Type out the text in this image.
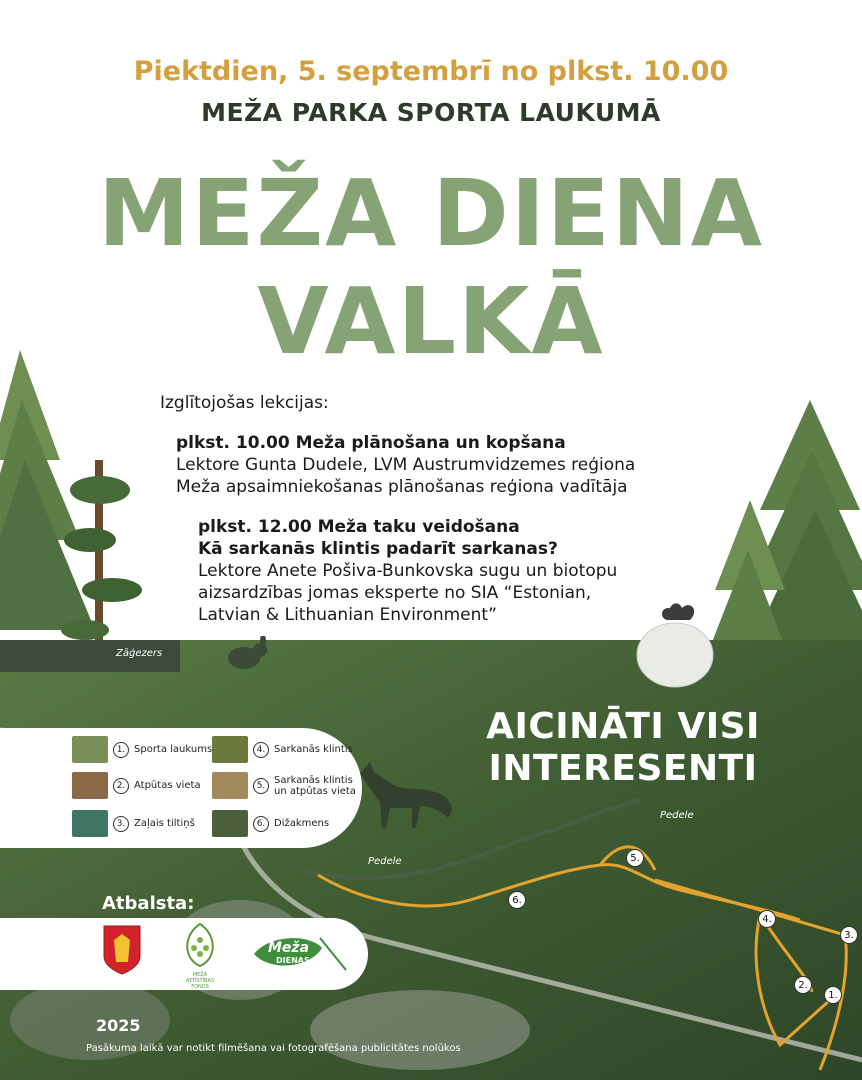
Piektdien, 5. septembrī no plkst. 10.00
MEŽA PARKA SPORTA LAUKUMĀ
MEŽA DIENA
VALKĀ
Izglītojošas lekcijas:
plkst. 10.00 Meža plānošana un kopšana
Lektore Gunta Dudele, LVM Austrumvidzemes reģiona
Meža apsaimniekošanas plānošanas reģiona vadītāja
plkst. 12.00 Meža taku veidošana
Kā sarkanās klintis padarīt sarkanas?
Lektore Anete Pošiva-Bunkovska sugu un biotopu
aizsardzības jomas eksperte no SIA “Estonian,
Latvian & Lithuanian Environment”
Zāģezers
Pedele
Pedele
1.
2.
3.
4.
5.
6.
AICINĀTI VISI
INTERESENTI
1. Sporta laukums
2. Atpūtas vieta
3. Zaļais tiltiņš
4. Sarkanās klintis
5. Sarkanās klintis un atpūtas vieta
6. Dižakmens
Atbalsta:
MEŽA ATTĪSTĪBAS FONDS
Meža
DIENAS
2025
Pasākuma laikā var notikt filmēšana vai fotografēšana publicitātes nolūkos
